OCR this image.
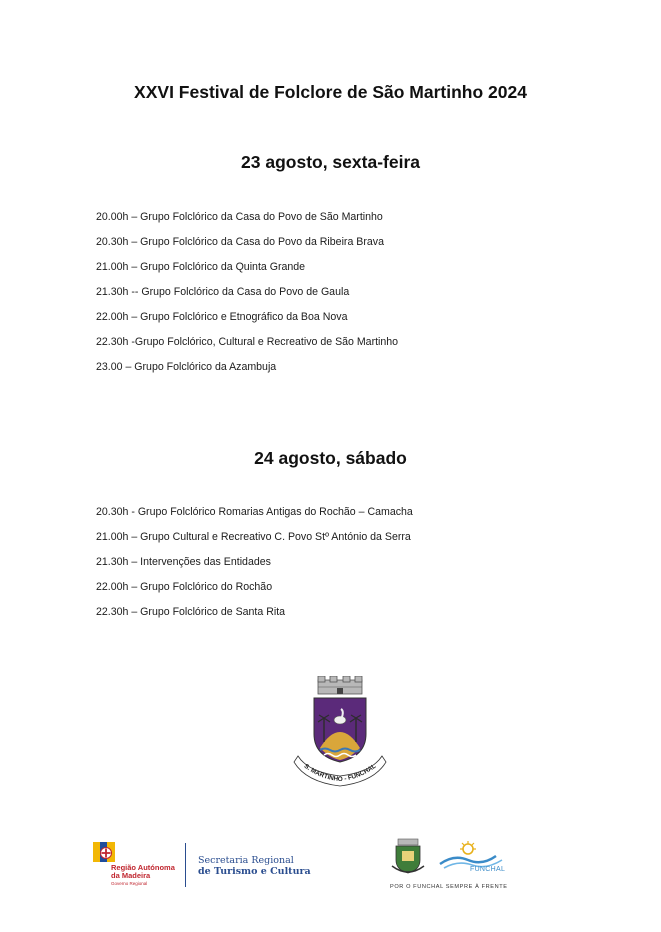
XXVI Festival de Folclore de São Martinho 2024
23 agosto, sexta-feira
20.00h – Grupo Folclórico da Casa do Povo de São Martinho
20.30h – Grupo Folclórico da Casa do Povo da Ribeira Brava
21.00h – Grupo Folclórico da Quinta Grande
21.30h -- Grupo Folclórico da Casa do Povo de Gaula
22.00h – Grupo Folclórico e Etnográfico da Boa Nova
22.30h -Grupo Folclórico, Cultural e Recreativo de São Martinho
23.00 – Grupo Folclórico da Azambuja
24 agosto, sábado
20.30h - Grupo Folclórico Romarias Antigas do Rochão – Camacha
21.00h – Grupo Cultural e Recreativo C. Povo Stº António da Serra
21.30h – Intervenções das Entidades
22.00h – Grupo Folclórico do Rochão
22.30h – Grupo Folclórico de Santa Rita
S. MARTINHO - FUNCHAL
Região Autónoma
da Madeira
Governo Regional
Secretaria Regional
de Turismo e Cultura	FUNCHAL
POR O FUNCHAL SEMPRE À FRENTE
